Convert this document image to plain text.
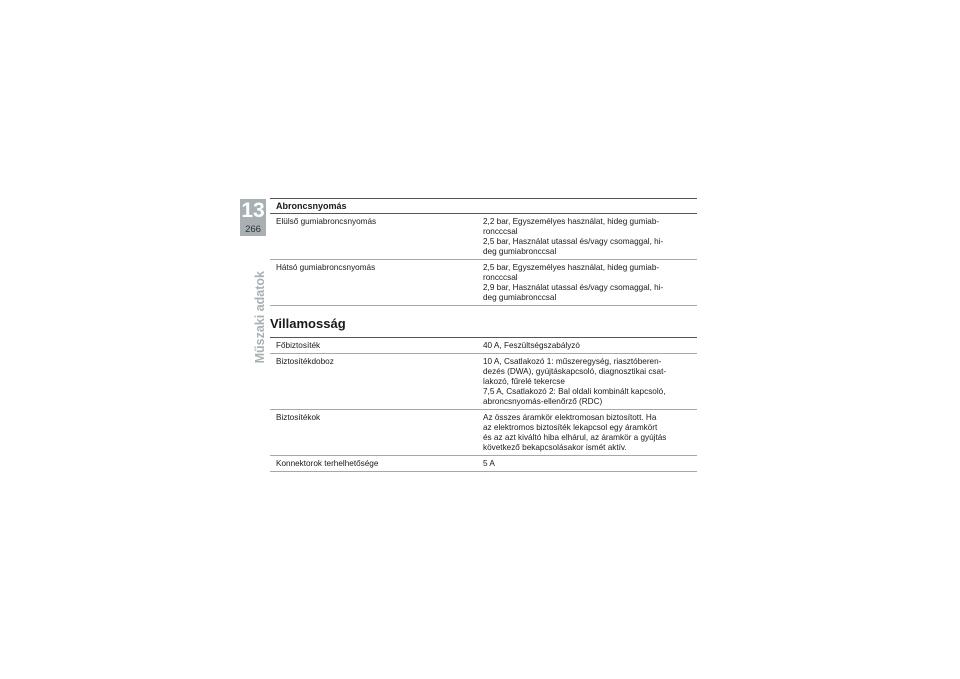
13
266
Műszaki adatok
Abroncsnyomás
Elülső gumiabroncsnyomás	2,2 bar, Egyszemélyes használat, hideg gumiab-

roncccsal

2,5 bar, Használat utassal és/vagy csomaggal, hi-

deg gumiabronccsal

Hátsó gumiabroncsnyomás	2,5 bar, Egyszemélyes használat, hideg gumiab-

roncccsal

2,9 bar, Használat utassal és/vagy csomaggal, hi-

deg gumiabronccsal

Villamosság
Főbiztosíték	40 A, Feszültségszabályzó

Biztosítékdoboz	10 A, Csatlakozó 1: műszeregység, riasztóberen-

dezés (DWA), gyújtáskapcsoló, diagnosztikai csat-

lakozó, fűrelé tekercse

7,5 A, Csatlakozó 2: Bal oldali kombinált kapcsoló,

abroncsnyomás-ellenőrző (RDC)

Biztosítékok	Az összes áramkör elektromosan biztosított. Ha

az elektromos biztosíték lekapcsol egy áramkört

és az azt kiváltó hiba elhárul, az áramkör a gyújtás

következő bekapcsolásakor ismét aktív.

Konnektorok terhelhetősége	5 A
